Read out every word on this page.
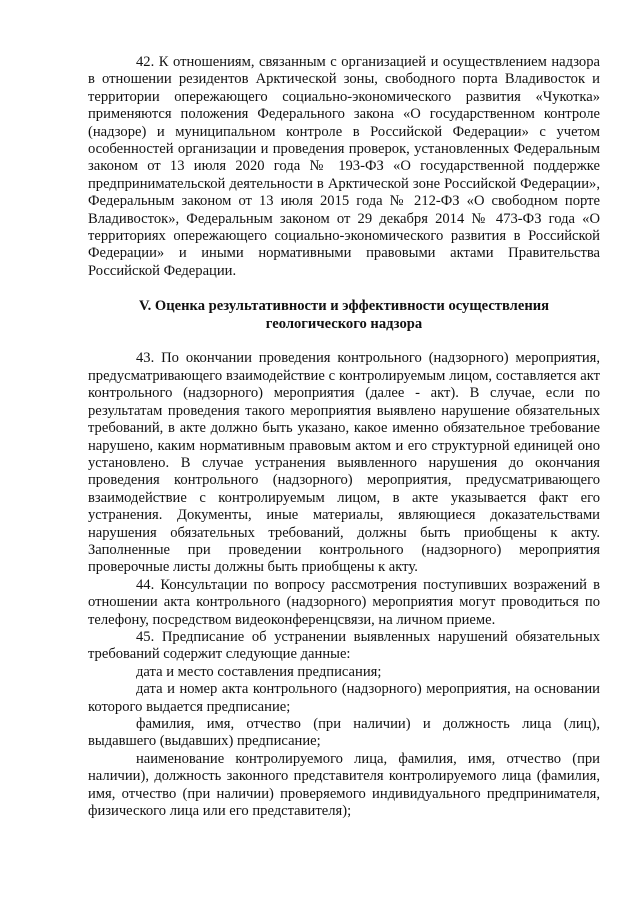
42. К отношениям, связанным с организацией и осуществлением надзора в отношении резидентов Арктической зоны, свободного порта Владивосток и территории опережающего социально-экономического развития «Чукотка» применяются положения Федерального закона «О государственном контроле (надзоре) и муниципальном контроле в Российской Федерации» с учетом особенностей организации и проведения проверок, установленных Федеральным законом от 13 июля 2020 года № 193-ФЗ «О государственной поддержке предпринимательской деятельности в Арктической зоне Российской Федерации», Федеральным законом от 13 июля 2015 года № 212-ФЗ «О свободном порте Владивосток», Федеральным законом от 29 декабря 2014 № 473-ФЗ года «О территориях опережающего социально-экономического развития в Российской Федерации» и иными нормативными правовыми актами Правительства Российской Федерации.

V. Оценка результативности и эффективности осуществления
геологического надзора

43. По окончании проведения контрольного (надзорного) мероприятия, предусматривающего взаимодействие с контролируемым лицом, составляется акт контрольного (надзорного) мероприятия (далее - акт). В случае, если по результатам проведения такого мероприятия выявлено нарушение обязательных требований, в акте должно быть указано, какое именно обязательное требование нарушено, каким нормативным правовым актом и его структурной единицей оно установлено. В случае устранения выявленного нарушения до окончания проведения контрольного (надзорного) мероприятия, предусматривающего взаимодействие с контролируемым лицом, в акте указывается факт его устранения. Документы, иные материалы, являющиеся доказательствами нарушения обязательных требований, должны быть приобщены к акту. Заполненные при проведении контрольного (надзорного) мероприятия проверочные листы должны быть приобщены к акту.

44. Консультации по вопросу рассмотрения поступивших возражений в отношении акта контрольного (надзорного) мероприятия могут проводиться по телефону, посредством видеоконференцсвязи, на личном приеме.

45. Предписание об устранении выявленных нарушений обязательных требований содержит следующие данные:

дата и место составления предписания;

дата и номер акта контрольного (надзорного) мероприятия, на основании которого выдается предписание;

фамилия, имя, отчество (при наличии) и должность лица (лиц), выдавшего (выдавших) предписание;

наименование контролируемого лица, фамилия, имя, отчество (при наличии), должность законного представителя контролируемого лица (фамилия, имя, отчество (при наличии) проверяемого индивидуального предпринимателя, физического лица или его представителя);
